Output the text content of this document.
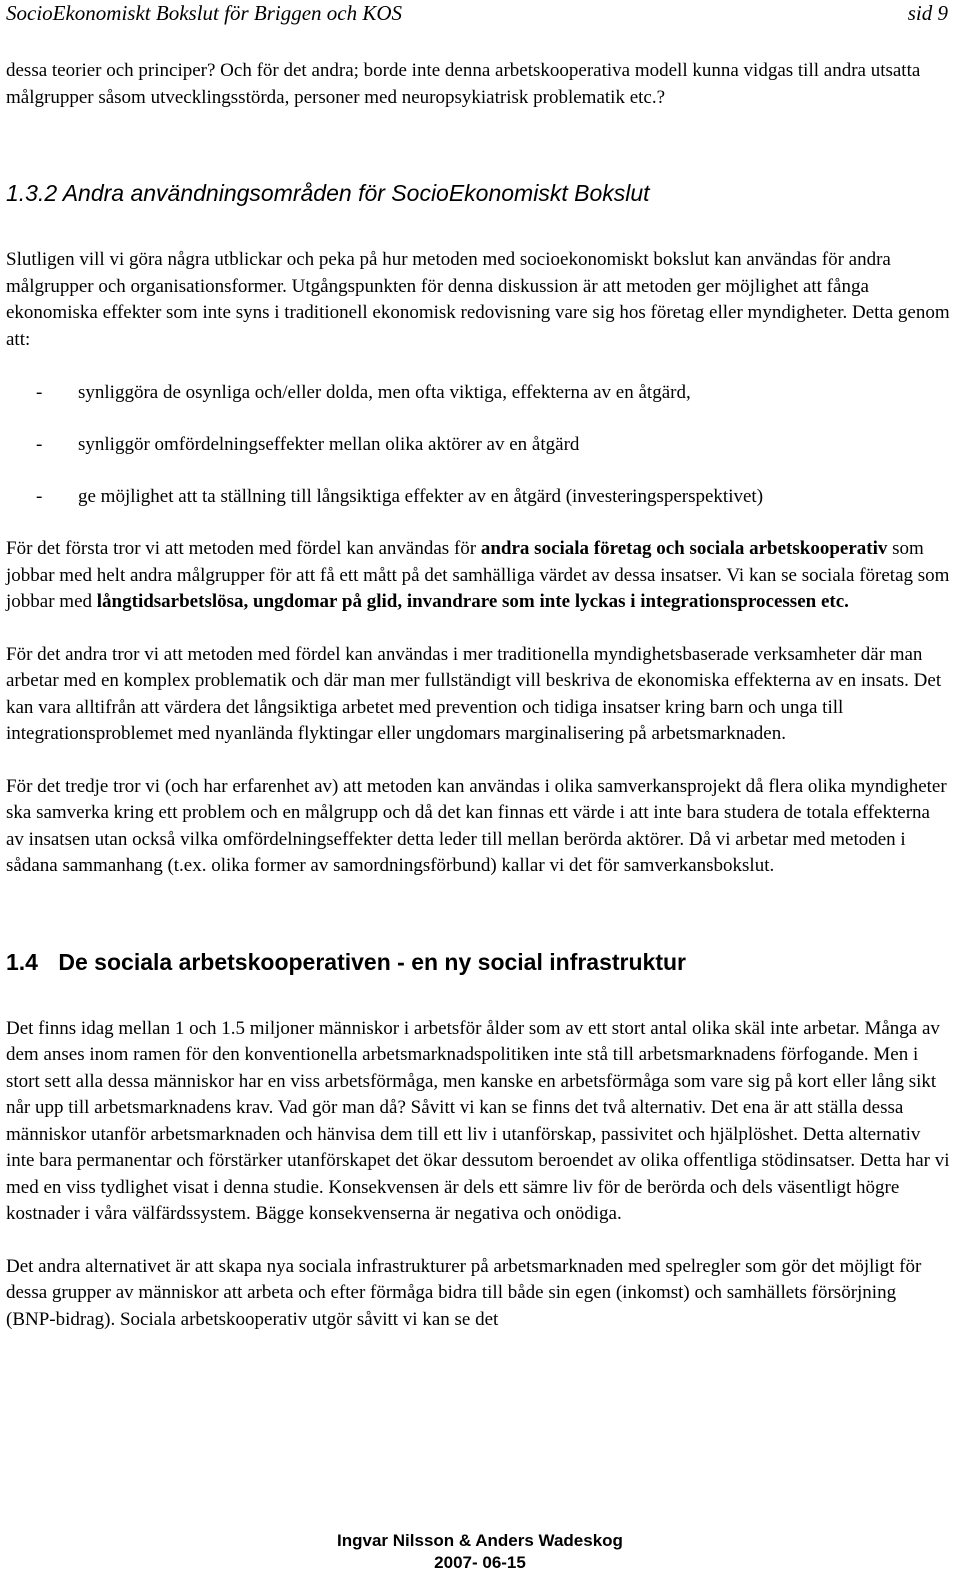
SocioEkonomiskt Bokslut för Briggen och KOS	sid 9

dessa teorier och principer? Och för det andra; borde inte denna arbetskooperativa modell kunna vidgas till andra utsatta målgrupper såsom utvecklingsstörda, personer med neuropsykiatrisk problematik etc.?

1.3.2 Andra användningsområden för SocioEkonomiskt Bokslut

Slutligen vill vi göra några utblickar och peka på hur metoden med socioekonomiskt bokslut kan användas för andra målgrupper och organisationsformer. Utgångspunkten för denna diskussion är att metoden ger möjlighet att fånga ekonomiska effekter som inte syns i traditionell ekonomisk redovisning vare sig hos företag eller myndigheter. Detta genom att:

- synliggöra de osynliga och/eller dolda, men ofta viktiga, effekterna av en åtgärd,
- synliggör omfördelningseffekter mellan olika aktörer av en åtgärd
- ge möjlighet att ta ställning till långsiktiga effekter av en åtgärd (investeringsperspektivet)

För det första tror vi att metoden med fördel kan användas för andra sociala företag och sociala arbetskooperativ som jobbar med helt andra målgrupper för att få ett mått på det samhälliga värdet av dessa insatser. Vi kan se sociala företag som jobbar med långtidsarbetslösa, ungdomar på glid, invandrare som inte lyckas i integrationsprocessen etc.

För det andra tror vi att metoden med fördel kan användas i mer traditionella myndighetsbaserade verksamheter där man arbetar med en komplex problematik och där man mer fullständigt vill beskriva de ekonomiska effekterna av en insats. Det kan vara alltifrån att värdera det långsiktiga arbetet med prevention och tidiga insatser kring barn och unga till integrationsproblemet med nyanlända flyktingar eller ungdomars marginalisering på arbetsmarknaden.

För det tredje tror vi (och har erfarenhet av) att metoden kan användas i olika samverkansprojekt då flera olika myndigheter ska samverka kring ett problem och en målgrupp och då det kan finnas ett värde i att inte bara studera de totala effekterna av insatsen utan också vilka omfördelningseffekter detta leder till mellan berörda aktörer. Då vi arbetar med metoden i sådana sammanhang (t.ex. olika former av samordningsförbund) kallar vi det för samverkansbokslut.

1.4 De sociala arbetskooperativen - en ny social infrastruktur

Det finns idag mellan 1 och 1.5 miljoner människor i arbetsför ålder som av ett stort antal olika skäl inte arbetar. Många av dem anses inom ramen för den konventionella arbetsmarknadspolitiken inte stå till arbetsmarknadens förfogande. Men i stort sett alla dessa människor har en viss arbetsförmåga, men kanske en arbetsförmåga som vare sig på kort eller lång sikt når upp till arbetsmarknadens krav. Vad gör man då? Såvitt vi kan se finns det två alternativ. Det ena är att ställa dessa människor utanför arbetsmarknaden och hänvisa dem till ett liv i utanförskap, passivitet och hjälplöshet. Detta alternativ inte bara permanentar och förstärker utanförskapet det ökar dessutom beroendet av olika offentliga stödinsatser. Detta har vi med en viss tydlighet visat i denna studie. Konsekvensen är dels ett sämre liv för de berörda och dels väsentligt högre kostnader i våra välfärdssystem. Bägge konsekvenserna är negativa och onödiga.

Det andra alternativet är att skapa nya sociala infrastrukturer på arbetsmarknaden med spelregler som gör det möjligt för dessa grupper av människor att arbeta och efter förmåga bidra till både sin egen (inkomst) och samhällets försörjning (BNP-bidrag). Sociala arbetskooperativ utgör såvitt vi kan se det

Ingvar Nilsson & Anders Wadeskog
2007- 06-15
